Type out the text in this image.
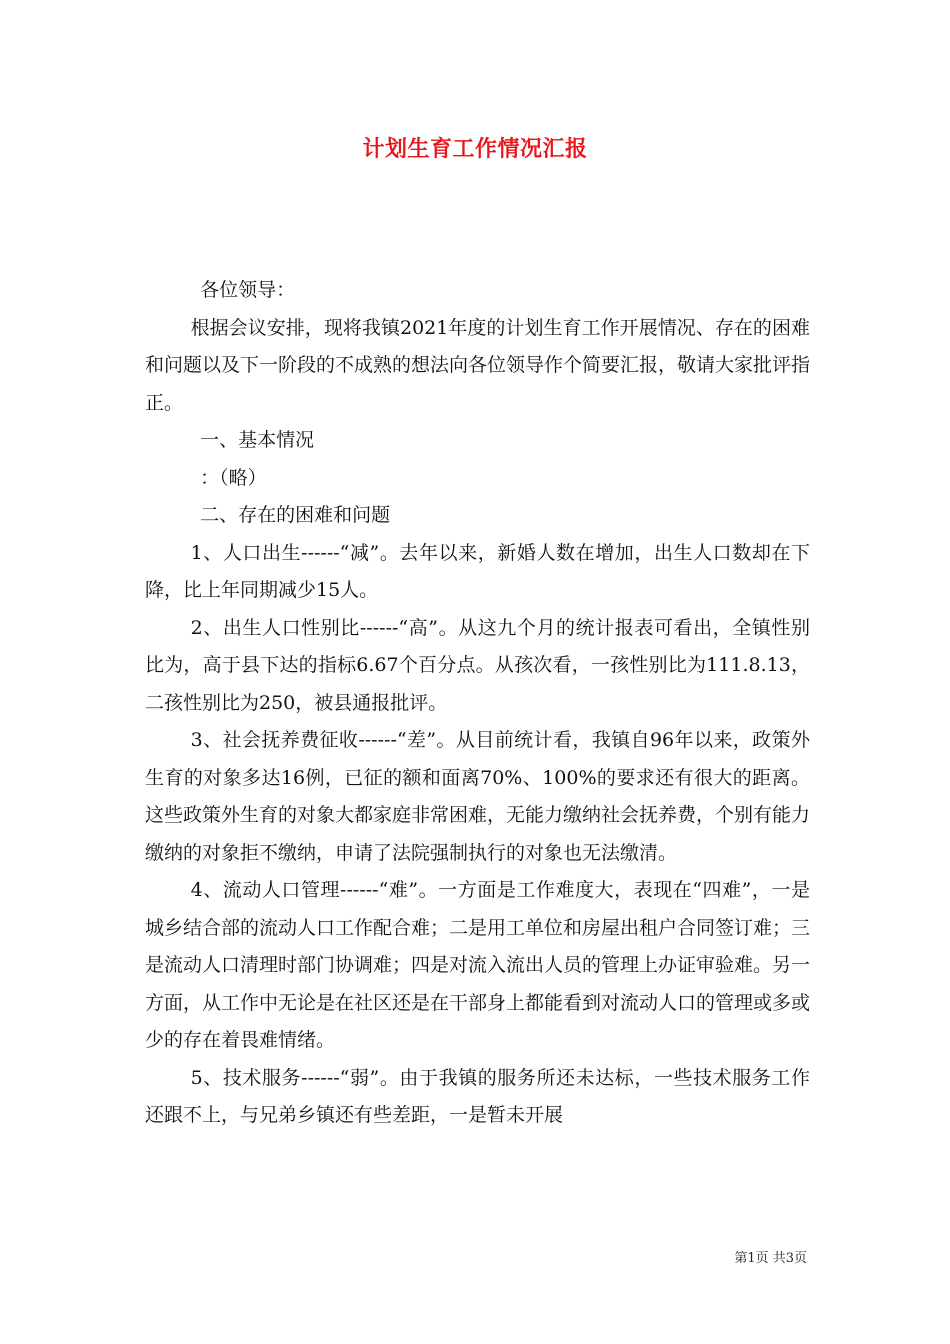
计划生育工作情况汇报

各位领导：

根据会议安排，现将我镇2021年度的计划生育工作开展情况、存在的困难和问题以及下一阶段的不成熟的想法向各位领导作个简要汇报，敬请大家批评指正。

一、基本情况

：（略）

二、存在的困难和问题

1、人口出生------“减”。去年以来，新婚人数在增加，出生人口数却在下降，比上年同期减少15人。

2、出生人口性别比------“高”。从这九个月的统计报表可看出，全镇性别比为，高于县下达的指标6.67个百分点。从孩次看，一孩性别比为111.8.13，二孩性别比为250，被县通报批评。

3、社会抚养费征收------“差”。从目前统计看，我镇自96年以来，政策外生育的对象多达16例，已征的额和面离70%、100%的要求还有很大的距离。这些政策外生育的对象大都家庭非常困难，无能力缴纳社会抚养费，个别有能力缴纳的对象拒不缴纳，申请了法院强制执行的对象也无法缴清。

4、流动人口管理------“难”。一方面是工作难度大，表现在“四难”，一是城乡结合部的流动人口工作配合难；二是用工单位和房屋出租户合同签订难；三是流动人口清理时部门协调难；四是对流入流出人员的管理上办证审验难。另一方面，从工作中无论是在社区还是在干部身上都能看到对流动人口的管理或多或少的存在着畏难情绪。

5、技术服务------“弱”。由于我镇的服务所还未达标，一些技术服务工作还跟不上，与兄弟乡镇还有些差距，一是暂未开展

第1页 共3页
